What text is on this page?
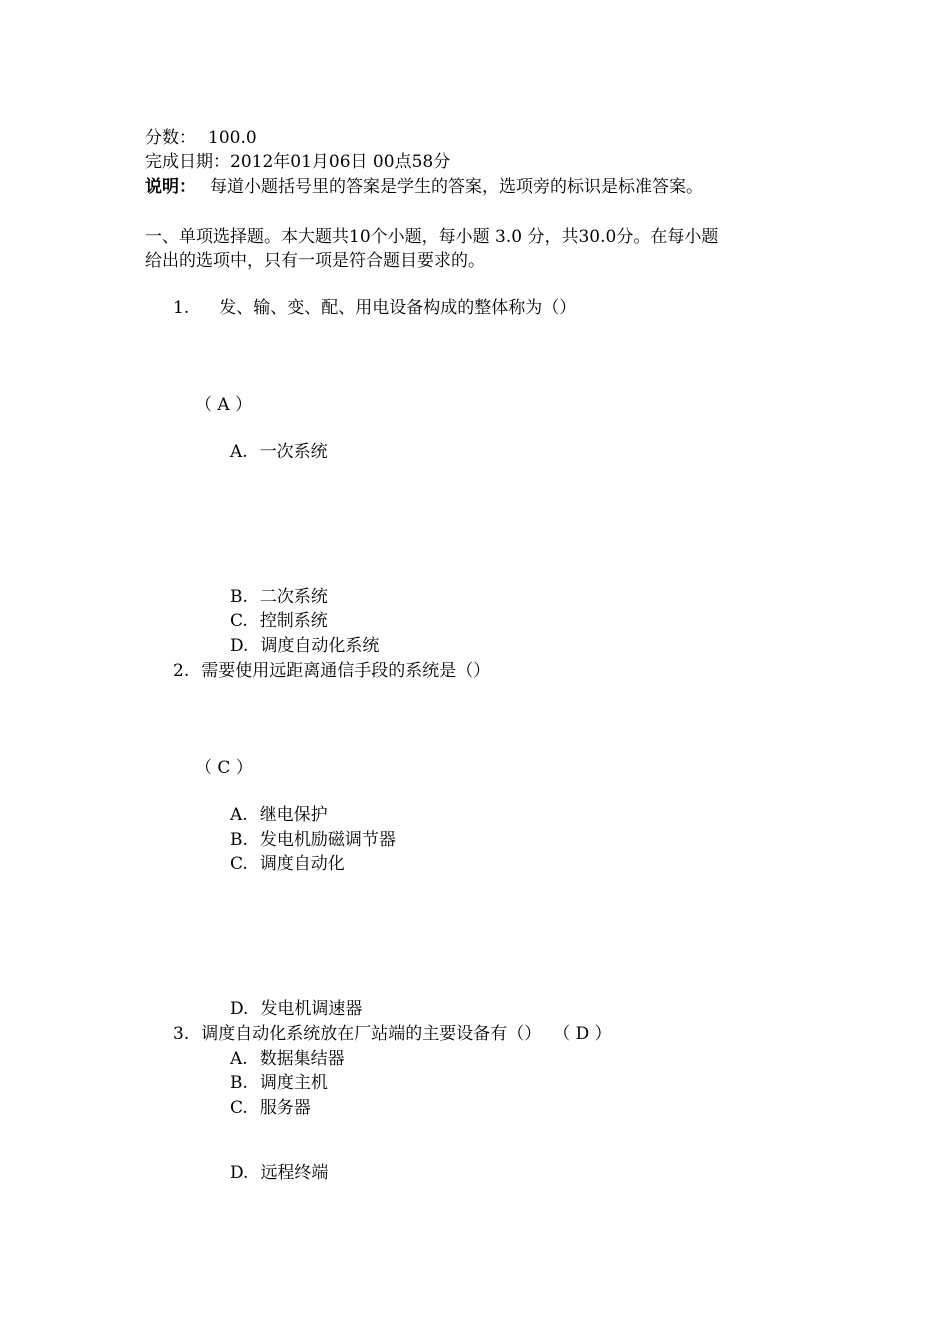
分数： 100.0
完成日期：2012年01月06日 00点58分
说明： 每道小题括号里的答案是学生的答案，选项旁的标识是标准答案。
一、单项选择题。本大题共10个小题，每小题 3.0 分，共30.0分。在每小题
给出的选项中，只有一项是符合题目要求的。
1. 发、输、变、配、用电设备构成的整体称为（）
（ A ）
A. 一次系统
B. 二次系统
C. 控制系统
D. 调度自动化系统
2. 需要使用远距离通信手段的系统是（）
（ C ）
A. 继电保护
B. 发电机励磁调节器
C. 调度自动化
D. 发电机调速器
3. 调度自动化系统放在厂站端的主要设备有（） （ D ）
A. 数据集结器
B. 调度主机
C. 服务器
D. 远程终端
